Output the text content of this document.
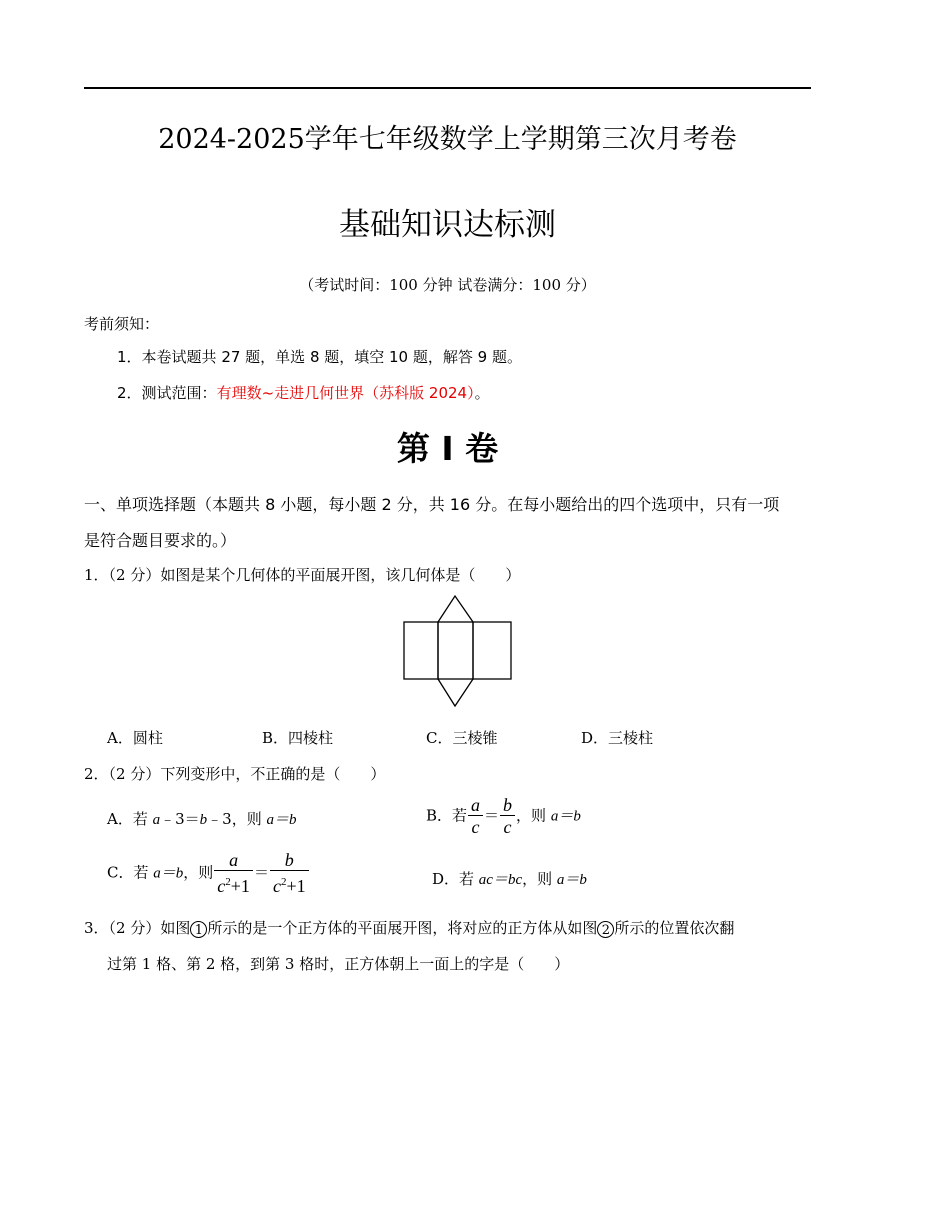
2024-2025学年七年级数学上学期第三次月考卷
基础知识达标测
（考试时间：100 分钟 试卷满分：100 分）
考前须知：
1．本卷试题共 27 题，单选 8 题，填空 10 题，解答 9 题。
2．测试范围：有理数~走进几何世界（苏科版 2024）。
第 I 卷
一、单项选择题（本题共 8 小题，每小题 2 分，共 16 分。在每小题给出的四个选项中，只有一项
是符合题目要求的。）
1．（2 分）如图是某个几何体的平面展开图，该几何体是（　　）
A．圆柱	B．四棱柱	C．三棱锥	D．三棱柱
2．（2 分）下列变形中，不正确的是（　　）
A．若 a﹣3＝b﹣3，则 a＝b	B．若 $\frac{a}{c} = \frac{b}{c}$ ，则 a＝b
C．若 a＝b，则 $\frac{a}{c^2+1} = \frac{b}{c^2+1}$	D．若 ac＝bc，则 a＝b
3．（2 分）如图 1 所示的是一个正方体的平面展开图，将对应的正方体从如图 2 所示的位置依次翻
过第 1 格、第 2 格，到第 3 格时，正方体朝上一面上的字是（　　）
